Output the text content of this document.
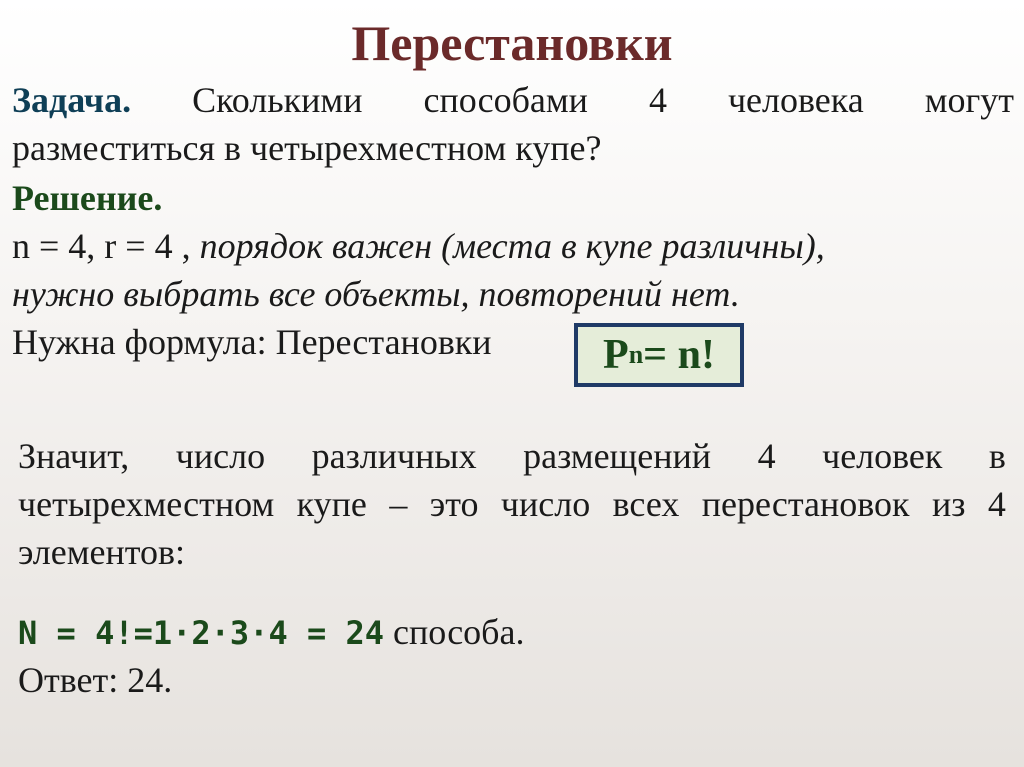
Перестановки
Задача. Сколькими способами 4 человека могут
разместиться в четырехместном купе?
Решение.
n = 4, r = 4 , порядок важен (места в купе различны),
нужно выбрать все объекты, повторений нет.
Нужна формула: Перестановки	P n = n!
Значит, число различных размещений 4 человек в
четырехместном купе – это число всех перестановок из 4
элементов:
N = 4!=1·2·3·4 = 24 способа.
Ответ: 24.
